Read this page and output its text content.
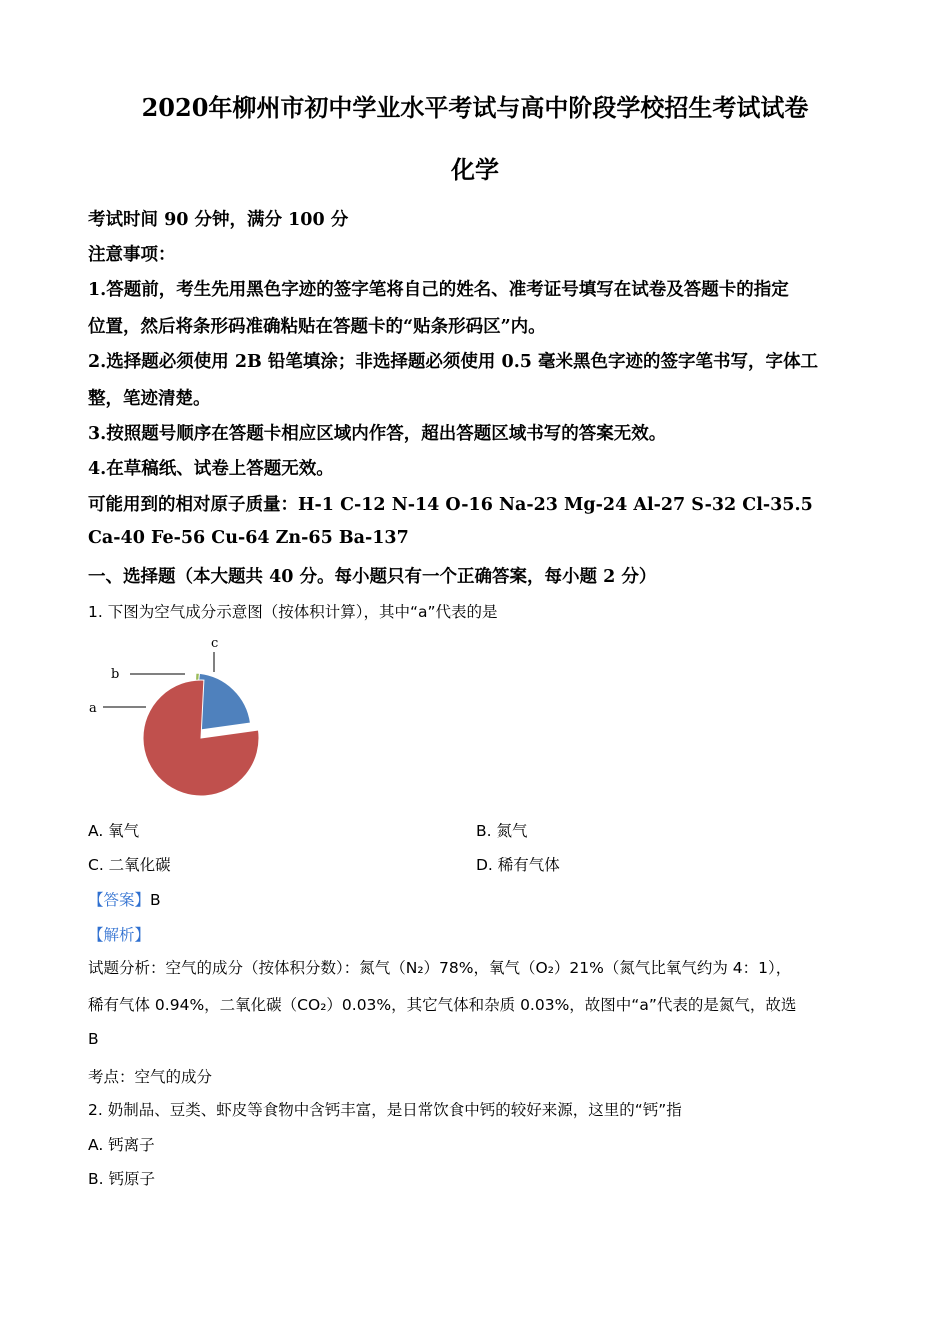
2020年柳州市初中学业水平考试与高中阶段学校招生考试试卷
化学
考试时间 90 分钟，满分 100 分
注意事项：
1.答题前，考生先用黑色字迹的签字笔将自己的姓名、准考证号填写在试卷及答题卡的指定
位置，然后将条形码准确粘贴在答题卡的“贴条形码区”内。
2.选择题必须使用 2B 铅笔填涂；非选择题必须使用 0.5 毫米黑色字迹的签字笔书写，字体工
整，笔迹清楚。
3.按照题号顺序在答题卡相应区域内作答，超出答题区域书写的答案无效。
4.在草稿纸、试卷上答题无效。
可能用到的相对原子质量：H-1 C-12 N-14 O-16 Na-23 Mg-24 Al-27 S-32 Cl-35.5
Ca-40 Fe-56 Cu-64 Zn-65 Ba-137
一、选择题（本大题共 40 分。每小题只有一个正确答案，每小题 2 分）
1. 下图为空气成分示意图（按体积计算），其中“a”代表的是
a
b
c
A. 氧气	B. 氮气
C. 二氧化碳	D. 稀有气体
【答案】B
【解析】
试题分析：空气的成分（按体积分数）：氮气（N₂）78%，氧气（O₂）21%（氮气比氧气约为 4：1），
稀有气体 0.94%，二氧化碳（CO₂）0.03%，其它气体和杂质 0.03%，故图中“a”代表的是氮气，故选
B
考点：空气的成分
2. 奶制品、豆类、虾皮等食物中含钙丰富，是日常饮食中钙的较好来源，这里的“钙”指
A. 钙离子
B. 钙原子
